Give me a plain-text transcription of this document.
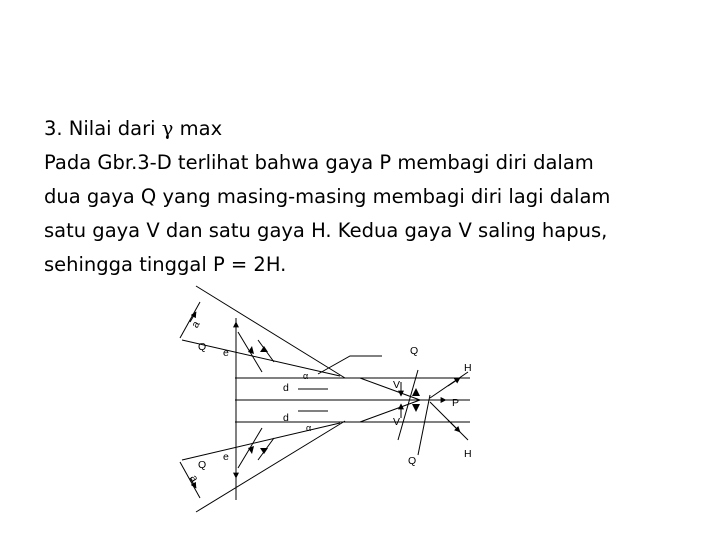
3. Nilai dari γ max
Pada Gbr.3-D terlihat bahwa gaya P membagi diri dalam
dua gaya Q yang masing-masing membagi diri lagi dalam
satu gaya V dan satu gaya H. Kedua gaya V saling hapus,
sehingga tinggal P = 2H.
a
a
Q
Q
e
e
Q
Q
H
H
d
d
V
V
P
α
α
